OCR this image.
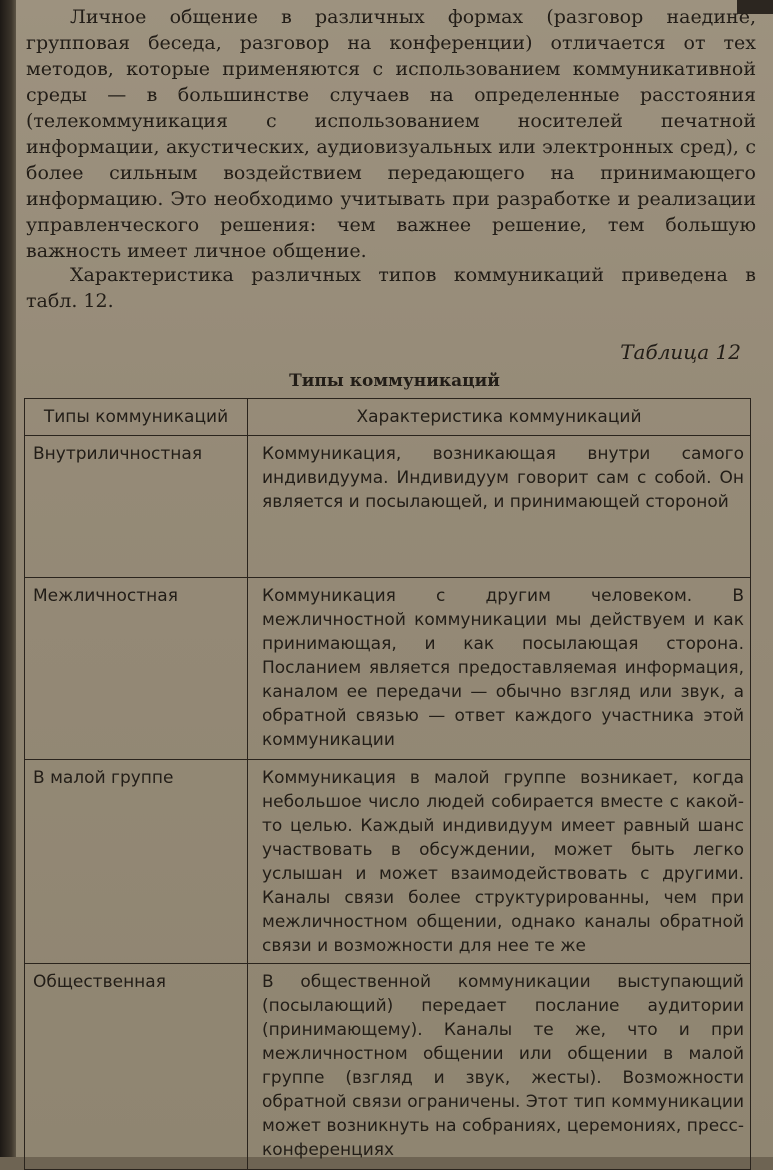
Личное общение в различных формах (разговор наедине, групповая беседа, разговор на конференции) отличается от тех методов, которые применяются с использованием коммуникативной среды — в большинстве случаев на определенные расстояния (телекоммуникация с использованием носителей печатной информации, акустических, аудиовизуальных или электронных сред), с более сильным воздействием передающего на принимающего информацию. Это необходимо учитывать при разработке и реализации управленческого решения: чем важнее решение, тем большую важность имеет личное общение.

Характеристика различных типов коммуникаций приведена в табл. 12.

Таблица 12

Типы коммуникаций

Типы коммуникаций	Характеристика коммуникаций
Внутриличностная	Коммуникация, возникающая внутри самого индивидуума. Индивидуум говорит сам с собой. Он является и посылающей, и принимающей стороной
Межличностная	Коммуникация с другим человеком. В межличностной коммуникации мы действуем и как принимающая, и как посылающая сторона. Посланием является предоставляемая информация, каналом ее передачи — обычно взгляд или звук, а обратной связью — ответ каждого участника этой коммуникации
В малой группе	Коммуникация в малой группе возникает, когда небольшое число людей собирается вместе с какой-то целью. Каждый индивидуум имеет равный шанс участвовать в обсуждении, может быть легко услышан и может взаимодействовать с другими. Каналы связи более структурированны, чем при межличностном общении, однако каналы обратной связи и возможности для нее те же
Общественная	В общественной коммуникации выступающий (посылающий) передает послание аудитории (принимающему). Каналы те же, что и при межличностном общении или общении в малой группе (взгляд и звук, жесты). Возможности обратной связи ограничены. Этот тип коммуникации может возникнуть на собраниях, церемониях, пресс-конференциях
